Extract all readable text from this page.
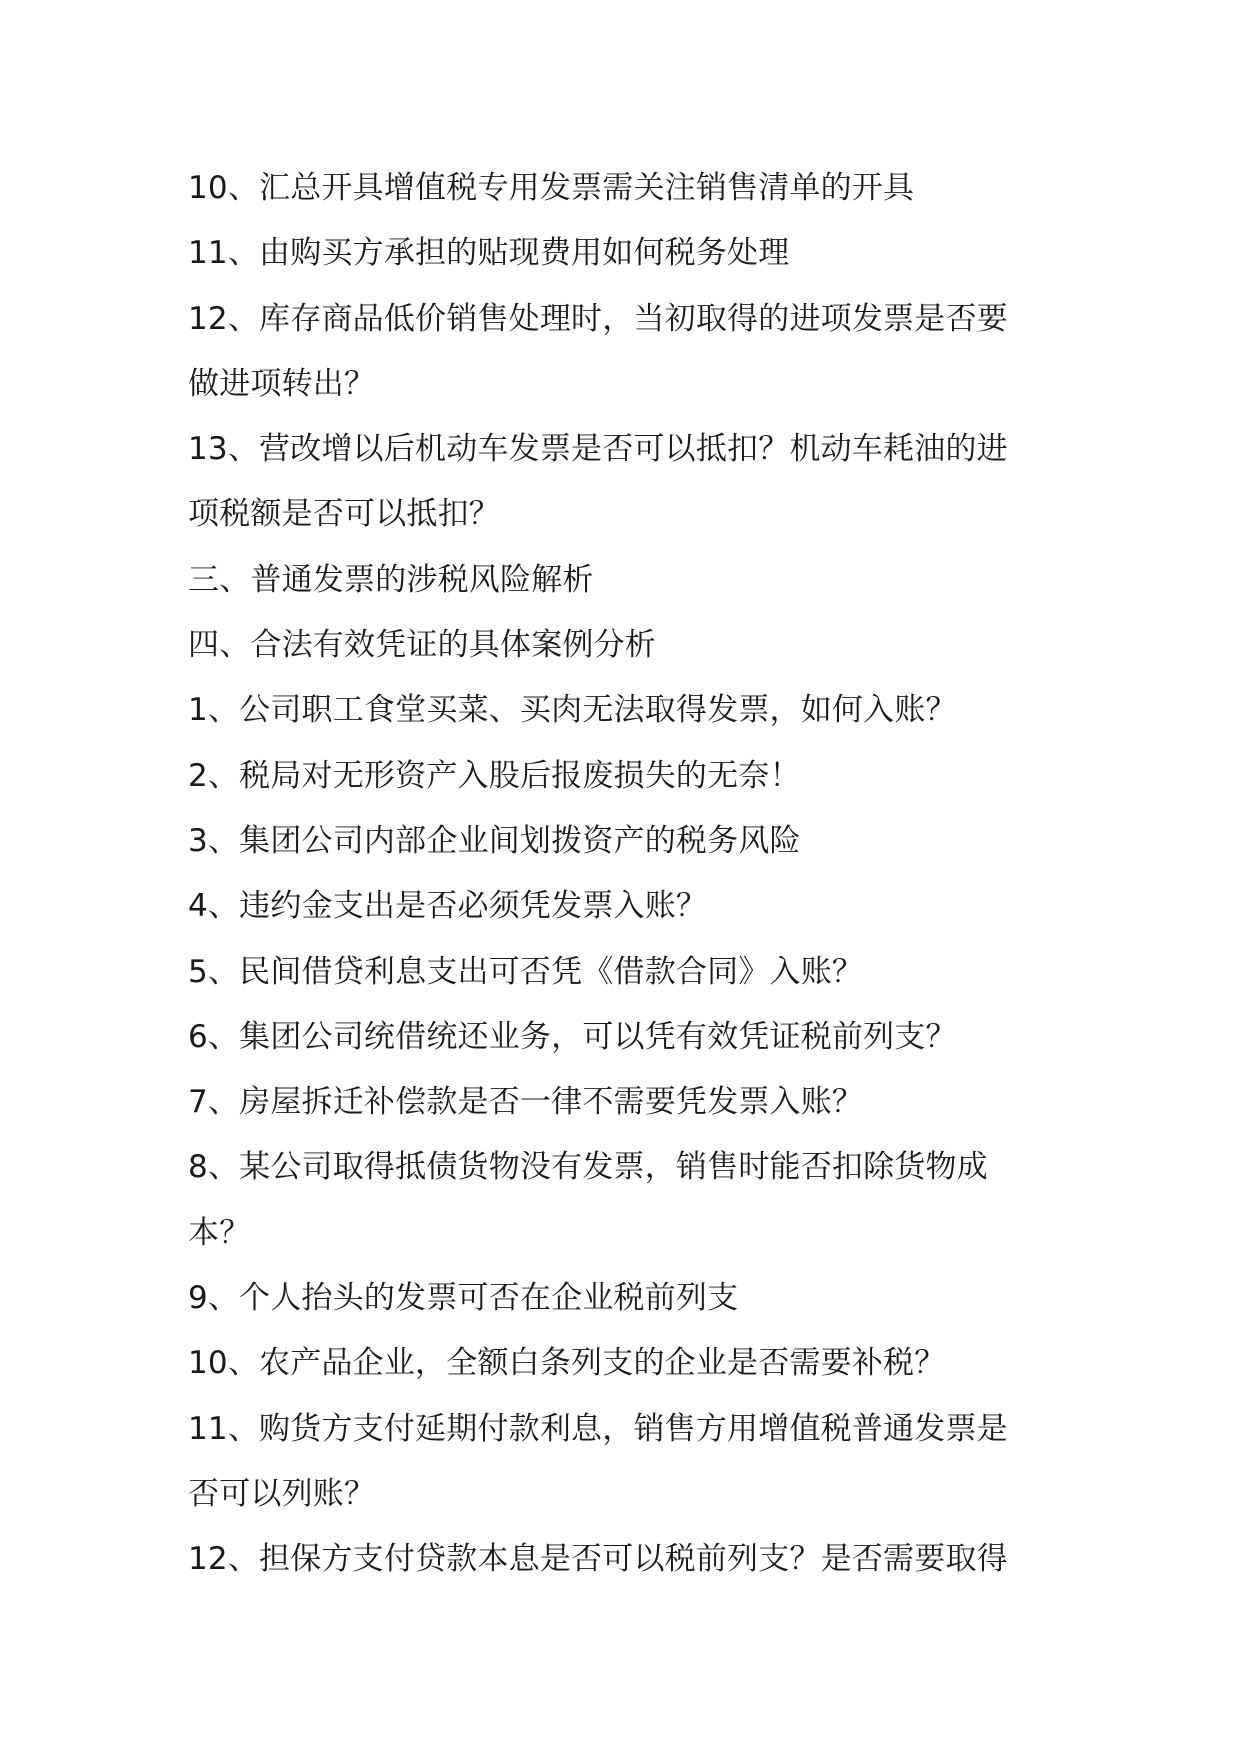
10、汇总开具增值税专用发票需关注销售清单的开具
11、由购买方承担的贴现费用如何税务处理
12、库存商品低价销售处理时，当初取得的进项发票是否要
做进项转出？
13、营改增以后机动车发票是否可以抵扣？机动车耗油的进
项税额是否可以抵扣？
三、普通发票的涉税风险解析
四、合法有效凭证的具体案例分析
1、公司职工食堂买菜、买肉无法取得发票，如何入账？
2、税局对无形资产入股后报废损失的无奈！
3、集团公司内部企业间划拨资产的税务风险
4、违约金支出是否必须凭发票入账？
5、民间借贷利息支出可否凭《借款合同》入账？
6、集团公司统借统还业务，可以凭有效凭证税前列支？
7、房屋拆迁补偿款是否一律不需要凭发票入账？
8、某公司取得抵债货物没有发票，销售时能否扣除货物成
本？
9、个人抬头的发票可否在企业税前列支
10、农产品企业，全额白条列支的企业是否需要补税？
11、购货方支付延期付款利息，销售方用增值税普通发票是
否可以列账？
12、担保方支付贷款本息是否可以税前列支？是否需要取得
